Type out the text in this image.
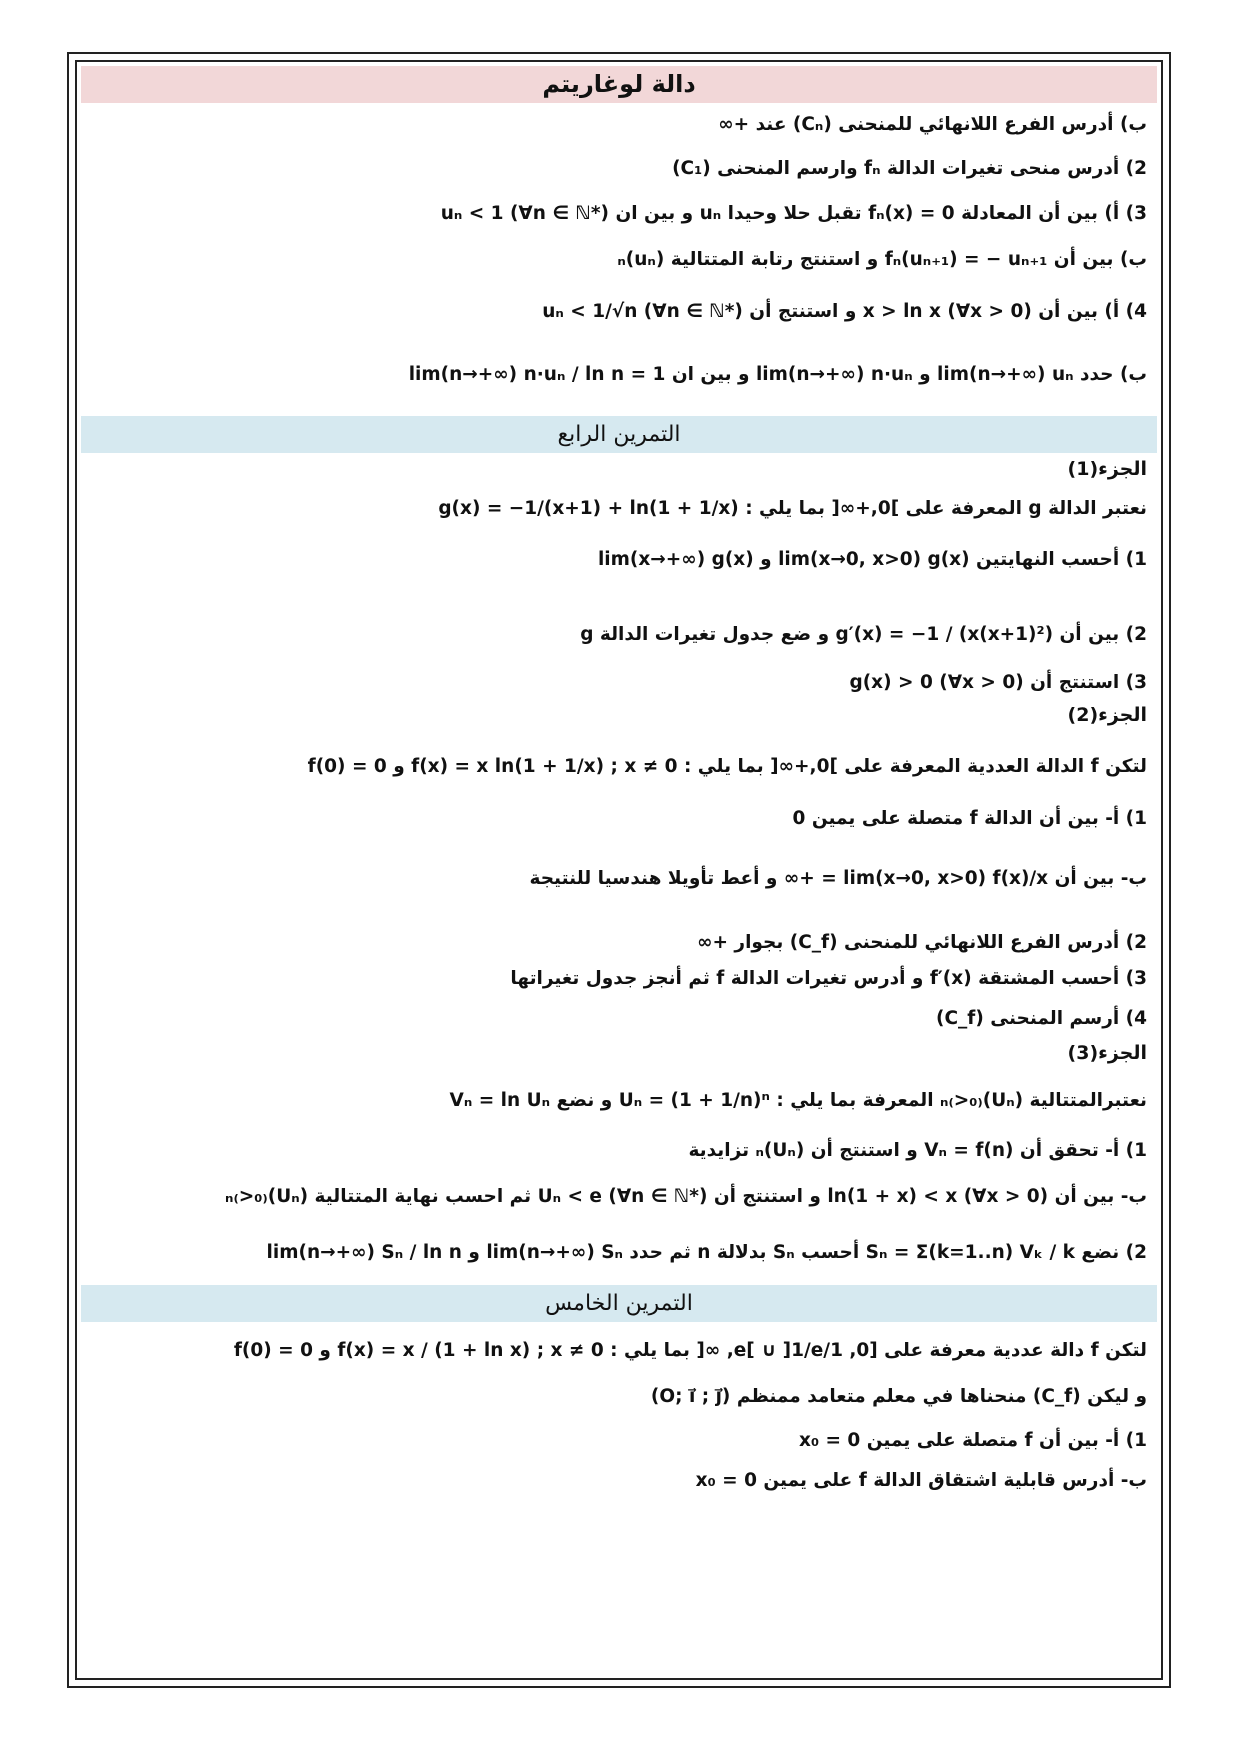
دالة لوغاريتم
ب) أدرس الفرع اللانهائي للمنحنى (Cₙ) عند +∞
2) أدرس منحى تغيرات الدالة fₙ وارسم المنحنى (C₁)
3) أ) بين أن المعادلة fₙ(x) = 0 تقبل حلا وحيدا uₙ و بين ان uₙ < 1 (∀n ∈ ℕ*)
ب) بين أن fₙ(uₙ₊₁) = − uₙ₊₁ و استنتج رتابة المتتالية (uₙ)ₙ
4) أ) بين أن x > ln x (∀x > 0) و استنتج أن uₙ < 1/√n (∀n ∈ ℕ*)
ب) حدد lim(n→+∞) uₙ و lim(n→+∞) n·uₙ و بين ان lim(n→+∞) n·uₙ / ln n = 1
التمرين الرابع
الجزء(1)
نعتبر الدالة g المعرفة على ]0,+∞[ بما يلي : g(x) = −1/(x+1) + ln(1 + 1/x)
1) أحسب النهايتين lim(x→0, x>0) g(x) و lim(x→+∞) g(x)
2) بين أن g′(x) = −1 / (x(x+1)²) و ضع جدول تغيرات الدالة g
3) استنتج أن g(x) > 0 (∀x > 0)
الجزء(2)
لتكن f الدالة العددية المعرفة على ]0,+∞[ بما يلي : f(x) = x ln(1 + 1/x) ; x ≠ 0 و f(0) = 0
1) أ- بين أن الدالة f متصلة على يمين 0
ب- بين أن lim(x→0, x>0) f(x)/x = +∞ و أعط تأويلا هندسيا للنتيجة
2) أدرس الفرع اللانهائي للمنحنى (C_f) بجوار +∞
3) أحسب المشتقة f′(x) و أدرس تغيرات الدالة f ثم أنجز جدول تغيراتها
4) أرسم المنحنى (C_f)
الجزء(3)
نعتبرالمتتالية (Uₙ)ₙ₍>₀₎ المعرفة بما يلي : Uₙ = (1 + 1/n)ⁿ و نضع Vₙ = ln Uₙ
1) أ- تحقق أن Vₙ = f(n) و استنتج أن (Uₙ)ₙ تزايدية
ب- بين أن ln(1 + x) < x (∀x > 0) و استنتج أن Uₙ < e (∀n ∈ ℕ*) ثم احسب نهاية المتتالية (Uₙ)ₙ₍>₀₎
2) نضع Sₙ = Σ(k=1..n) Vₖ / k أحسب Sₙ بدلالة n ثم حدد lim(n→+∞) Sₙ و lim(n→+∞) Sₙ / ln n
التمرين الخامس
لتكن f دالة عددية معرفة على [0, 1/e[ ∪ ]1/e, ∞[ بما يلي : f(x) = x / (1 + ln x) ; x ≠ 0 و f(0) = 0
و ليكن (C_f) منحناها في معلم متعامد ممنظم (O; i⃗ ; j⃗)
1) أ- بين أن f متصلة على يمين x₀ = 0
ب- أدرس قابلية اشتقاق الدالة f على يمين x₀ = 0
